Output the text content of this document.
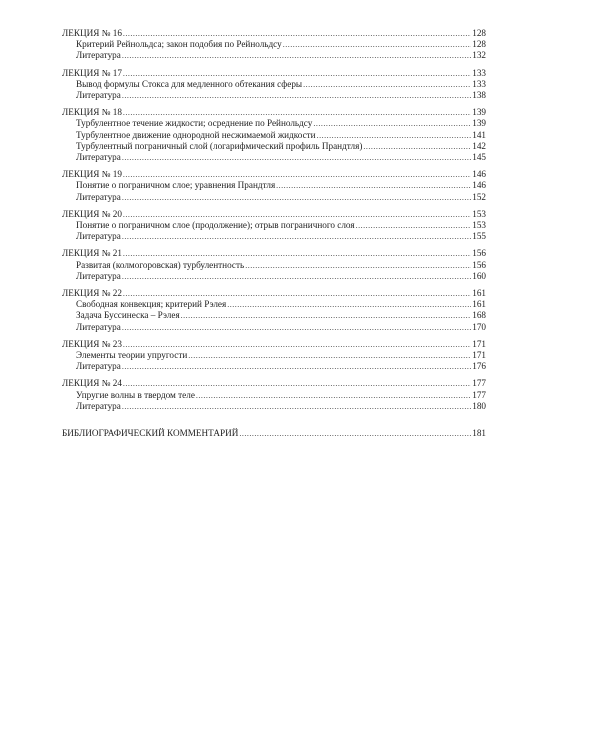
ЛЕКЦИЯ № 16 .....	128
Критерий Рейнольдса; закон подобия по Рейнольдсу .....	128
Литература .....	132
ЛЕКЦИЯ № 17 .....	133
Вывод формулы Стокса для медленного обтекания сферы .....	133
Литература .....	138
ЛЕКЦИЯ № 18 .....	139
Турбулентное течение жидкости; осреднение по Рейнольдсу .....	139
Турбулентное движение однородной несжимаемой жидкости .....	141
Турбулентный пограничный слой (логарифмический профиль Прандтля) .....	142
Литература .....	145
ЛЕКЦИЯ № 19 .....	146
Понятие о пограничном слое; уравнения Прандтля .....	146
Литература .....	152
ЛЕКЦИЯ № 20 .....	153
Понятие о пограничном слое (продолжение); отрыв пограничного слоя .....	153
Литература .....	155
ЛЕКЦИЯ № 21 .....	156
Развитая (колмогоровская) турбулентность .....	156
Литература .....	160
ЛЕКЦИЯ № 22 .....	161
Свободная конвекция; критерий Рэлея .....	161
Задача Буссинеска – Рэлея .....	168
Литература .....	170
ЛЕКЦИЯ № 23 .....	171
Элементы теории упругости .....	171
Литература .....	176
ЛЕКЦИЯ № 24 .....	177
Упругие волны в твердом теле .....	177
Литература .....	180
БИБЛИОГРАФИЧЕСКИЙ КОММЕНТАРИЙ .....	181
